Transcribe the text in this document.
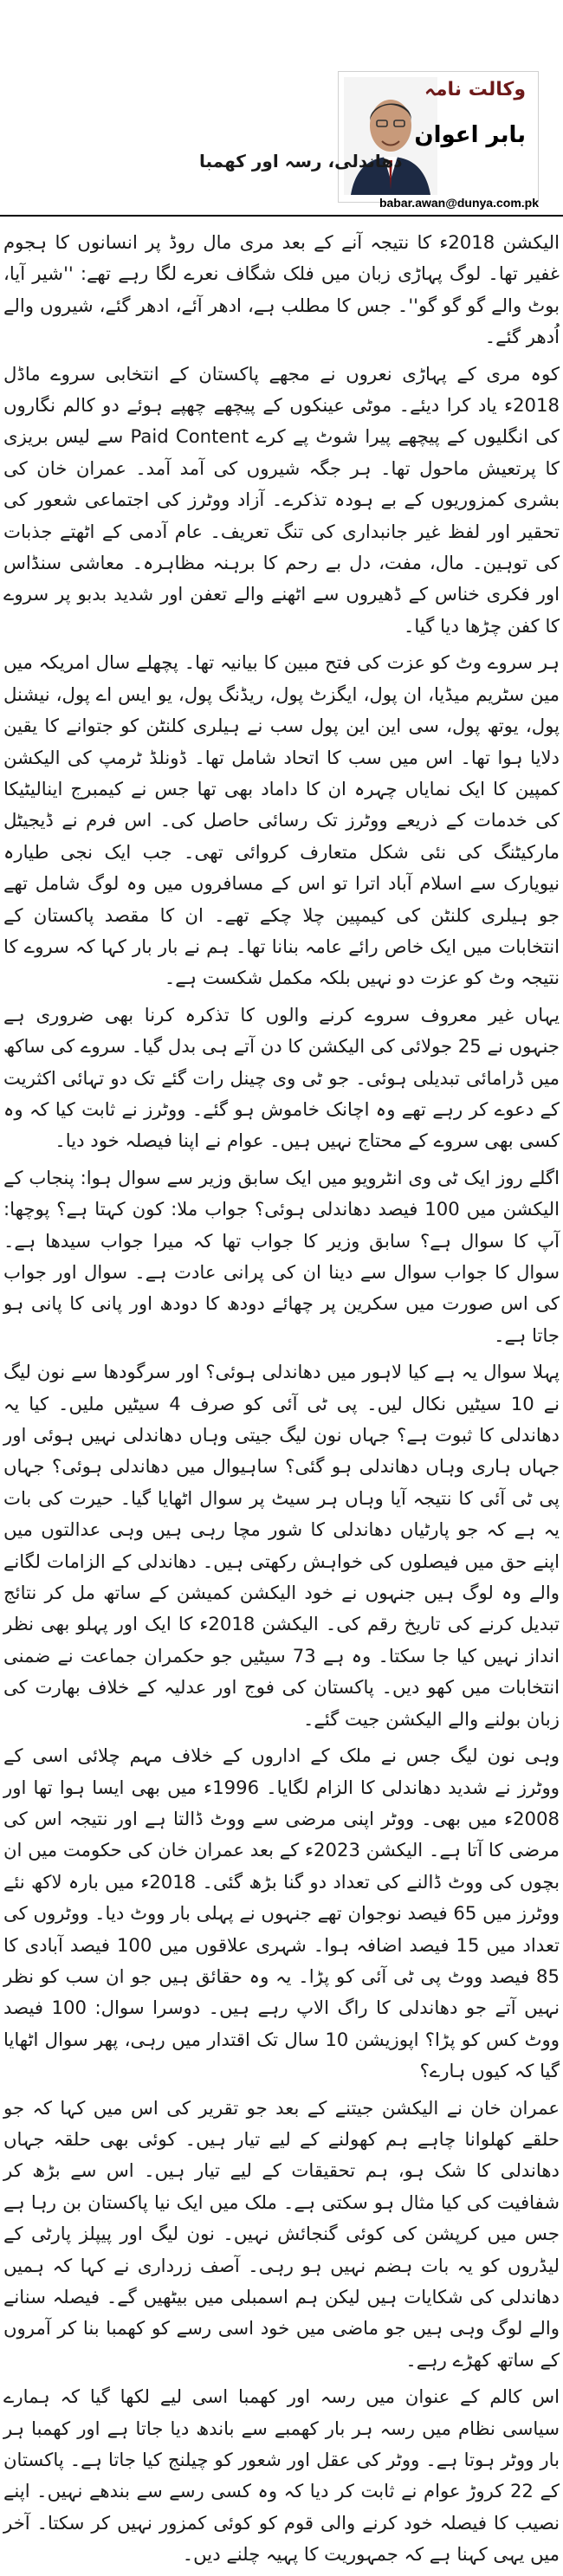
وکالت نامہ
بابر اعوان
دھاندلی، رسہ اور کھمبا
babar.awan@dunya.com.pk

الیکشن 2018ء کا نتیجہ آنے کے بعد مری مال روڈ پر انسانوں کا ہجوم غفیر تھا۔ لوگ پہاڑی زبان میں فلک شگاف نعرے لگا رہے تھے: ''شیر آیا، بوٹ والے گو گو گو''۔ جس کا مطلب ہے، ادھر آئے، ادھر گئے، شیروں والے اُدھر گئے۔

کوہ مری کے پہاڑی نعروں نے مجھے پاکستان کے انتخابی سروے ماڈل 2018ء یاد کرا دیئے۔ موٹی عینکوں کے پیچھے چھپے ہوئے دو کالم نگاروں کی انگلیوں کے پیچھے پیرا شوٹ پے کرے Paid Content سے لیس بریزی کا پرتعیش ماحول تھا۔ ہر جگہ شیروں کی آمد آمد۔ عمران خان کی بشری کمزوریوں کے بے ہودہ تذکرے۔ آزاد ووٹرز کی اجتماعی شعور کی تحقیر اور لفظ غیر جانبداری کی تنگ تعریف۔ عام آدمی کے اٹھتے جذبات کی توہین۔ مال، مفت، دل بے رحم کا برہنہ مظاہرہ۔ معاشی سنڈاس اور فکری خناس کے ڈھیروں سے اٹھنے والے تعفن اور شدید بدبو پر سروے کا کفن چڑھا دیا گیا۔

ہر سروے وٹ کو عزت کی فتح مبین کا بیانیہ تھا۔ پچھلے سال امریکہ میں مین سٹریم میڈیا، ان پول، ایگزٹ پول، ریڈنگ پول، یو ایس اے پول، نیشنل پول، یوتھ پول، سی این این پول سب نے ہیلری کلنٹن کو جتوانے کا یقین دلایا ہوا تھا۔ اس میں سب کا اتحاد شامل تھا۔ ڈونلڈ ٹرمپ کی الیکشن کمپین کا ایک نمایاں چہرہ ان کا داماد بھی تھا جس نے کیمبرج اینالیٹیکا کی خدمات کے ذریعے ووٹرز تک رسائی حاصل کی۔ اس فرم نے ڈیجیٹل مارکیٹنگ کی نئی شکل متعارف کروائی تھی۔ جب ایک نجی طیارہ نیویارک سے اسلام آباد اترا تو اس کے مسافروں میں وہ لوگ شامل تھے جو ہیلری کلنٹن کی کیمپین چلا چکے تھے۔ ان کا مقصد پاکستان کے انتخابات میں ایک خاص رائے عامہ بنانا تھا۔ ہم نے بار بار کہا کہ سروے کا نتیجہ وٹ کو عزت دو نہیں بلکہ مکمل شکست ہے۔

یہاں غیر معروف سروے کرنے والوں کا تذکرہ کرنا بھی ضروری ہے جنہوں نے 25 جولائی کی الیکشن کا دن آتے ہی بدل گیا۔ سروے کی ساکھ میں ڈرامائی تبدیلی ہوئی۔ جو ٹی وی چینل رات گئے تک دو تہائی اکثریت کے دعوے کر رہے تھے وہ اچانک خاموش ہو گئے۔ ووٹرز نے ثابت کیا کہ وہ کسی بھی سروے کے محتاج نہیں ہیں۔ عوام نے اپنا فیصلہ خود دیا۔

اگلے روز ایک ٹی وی انٹرویو میں ایک سابق وزیر سے سوال ہوا: پنجاب کے الیکشن میں 100 فیصد دھاندلی ہوئی؟ جواب ملا: کون کہتا ہے؟ پوچھا: آپ کا سوال ہے؟ سابق وزیر کا جواب تھا کہ میرا جواب سیدھا ہے۔ سوال کا جواب سوال سے دینا ان کی پرانی عادت ہے۔ سوال اور جواب کی اس صورت میں سکرین پر چھائے دودھ کا دودھ اور پانی کا پانی ہو جاتا ہے۔

پہلا سوال یہ ہے کیا لاہور میں دھاندلی ہوئی؟ اور سرگودھا سے نون لیگ نے 10 سیٹیں نکال لیں۔ پی ٹی آئی کو صرف 4 سیٹیں ملیں۔ کیا یہ دھاندلی کا ثبوت ہے؟ جہاں نون لیگ جیتی وہاں دھاندلی نہیں ہوئی اور جہاں ہاری وہاں دھاندلی ہو گئی؟ ساہیوال میں دھاندلی ہوئی؟ جہاں پی ٹی آئی کا نتیجہ آیا وہاں ہر سیٹ پر سوال اٹھایا گیا۔ حیرت کی بات یہ ہے کہ جو پارٹیاں دھاندلی کا شور مچا رہی ہیں وہی عدالتوں میں اپنے حق میں فیصلوں کی خواہش رکھتی ہیں۔ دھاندلی کے الزامات لگانے والے وہ لوگ ہیں جنہوں نے خود الیکشن کمیشن کے ساتھ مل کر نتائج تبدیل کرنے کی تاریخ رقم کی۔ الیکشن 2018ء کا ایک اور پہلو بھی نظر انداز نہیں کیا جا سکتا۔ وہ ہے 73 سیٹیں جو حکمران جماعت نے ضمنی انتخابات میں کھو دیں۔ پاکستان کی فوج اور عدلیہ کے خلاف بھارت کی زبان بولنے والے الیکشن جیت گئے۔

وہی نون لیگ جس نے ملک کے اداروں کے خلاف مہم چلائی اسی کے ووٹرز نے شدید دھاندلی کا الزام لگایا۔ 1996ء میں بھی ایسا ہوا تھا اور 2008ء میں بھی۔ ووٹر اپنی مرضی سے ووٹ ڈالتا ہے اور نتیجہ اس کی مرضی کا آتا ہے۔ الیکشن 2023ء کے بعد عمران خان کی حکومت میں ان بچوں کی ووٹ ڈالنے کی تعداد دو گنا بڑھ گئی۔ 2018ء میں بارہ لاکھ نئے ووٹرز میں 65 فیصد نوجوان تھے جنہوں نے پہلی بار ووٹ دیا۔ ووٹروں کی تعداد میں 15 فیصد اضافہ ہوا۔ شہری علاقوں میں 100 فیصد آبادی کا 85 فیصد ووٹ پی ٹی آئی کو پڑا۔ یہ وہ حقائق ہیں جو ان سب کو نظر نہیں آتے جو دھاندلی کا راگ الاپ رہے ہیں۔ دوسرا سوال: 100 فیصد ووٹ کس کو پڑا؟ اپوزیشن 10 سال تک اقتدار میں رہی، پھر سوال اٹھایا گیا کہ کیوں ہارے؟

عمران خان نے الیکشن جیتنے کے بعد جو تقریر کی اس میں کہا کہ جو حلقے کھلوانا چاہے ہم کھولنے کے لیے تیار ہیں۔ کوئی بھی حلقہ جہاں دھاندلی کا شک ہو، ہم تحقیقات کے لیے تیار ہیں۔ اس سے بڑھ کر شفافیت کی کیا مثال ہو سکتی ہے۔ ملک میں ایک نیا پاکستان بن رہا ہے جس میں کرپشن کی کوئی گنجائش نہیں۔ نون لیگ اور پیپلز پارٹی کے لیڈروں کو یہ بات ہضم نہیں ہو رہی۔ آصف زرداری نے کہا کہ ہمیں دھاندلی کی شکایات ہیں لیکن ہم اسمبلی میں بیٹھیں گے۔ فیصلہ سنانے والے لوگ وہی ہیں جو ماضی میں خود اسی رسے کو کھمبا بنا کر آمروں کے ساتھ کھڑے رہے۔

اس کالم کے عنوان میں رسہ اور کھمبا اسی لیے لکھا گیا کہ ہمارے سیاسی نظام میں رسہ ہر بار کھمبے سے باندھ دیا جاتا ہے اور کھمبا ہر بار ووٹر ہوتا ہے۔ ووٹر کی عقل اور شعور کو چیلنج کیا جاتا ہے۔ پاکستان کے 22 کروڑ عوام نے ثابت کر دیا کہ وہ کسی رسے سے بندھے نہیں۔ اپنے نصیب کا فیصلہ خود کرنے والی قوم کو کوئی کمزور نہیں کر سکتا۔ آخر میں یہی کہنا ہے کہ جمہوریت کا پہیہ چلنے دیں۔
